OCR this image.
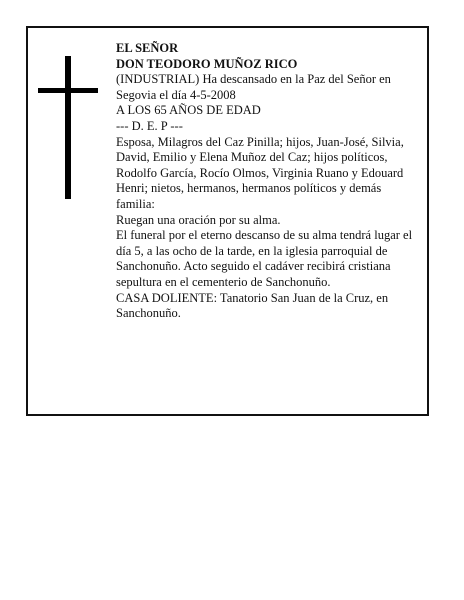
EL SEÑOR

DON TEODORO MUÑOZ RICO

(INDUSTRIAL) Ha descansado en la Paz del Señor en Segovia el día 4-5-2008

A LOS 65 AÑOS DE EDAD

--- D. E. P ---

Esposa, Milagros del Caz Pinilla; hijos, Juan-José, Silvia, David, Emilio y Elena Muñoz del Caz; hijos políticos, Rodolfo García, Rocío Olmos, Virginia Ruano y Edouard Henri; nietos, hermanos, hermanos políticos y demás familia:

Ruegan una oración por su alma.

El funeral por el eterno descanso de su alma tendrá lugar el día 5, a las ocho de la tarde, en la iglesia parroquial de Sanchonuño. Acto seguido el cadáver recibirá cristiana sepultura en el cementerio de Sanchonuño.

CASA DOLIENTE: Tanatorio San Juan de la Cruz, en Sanchonuño.
